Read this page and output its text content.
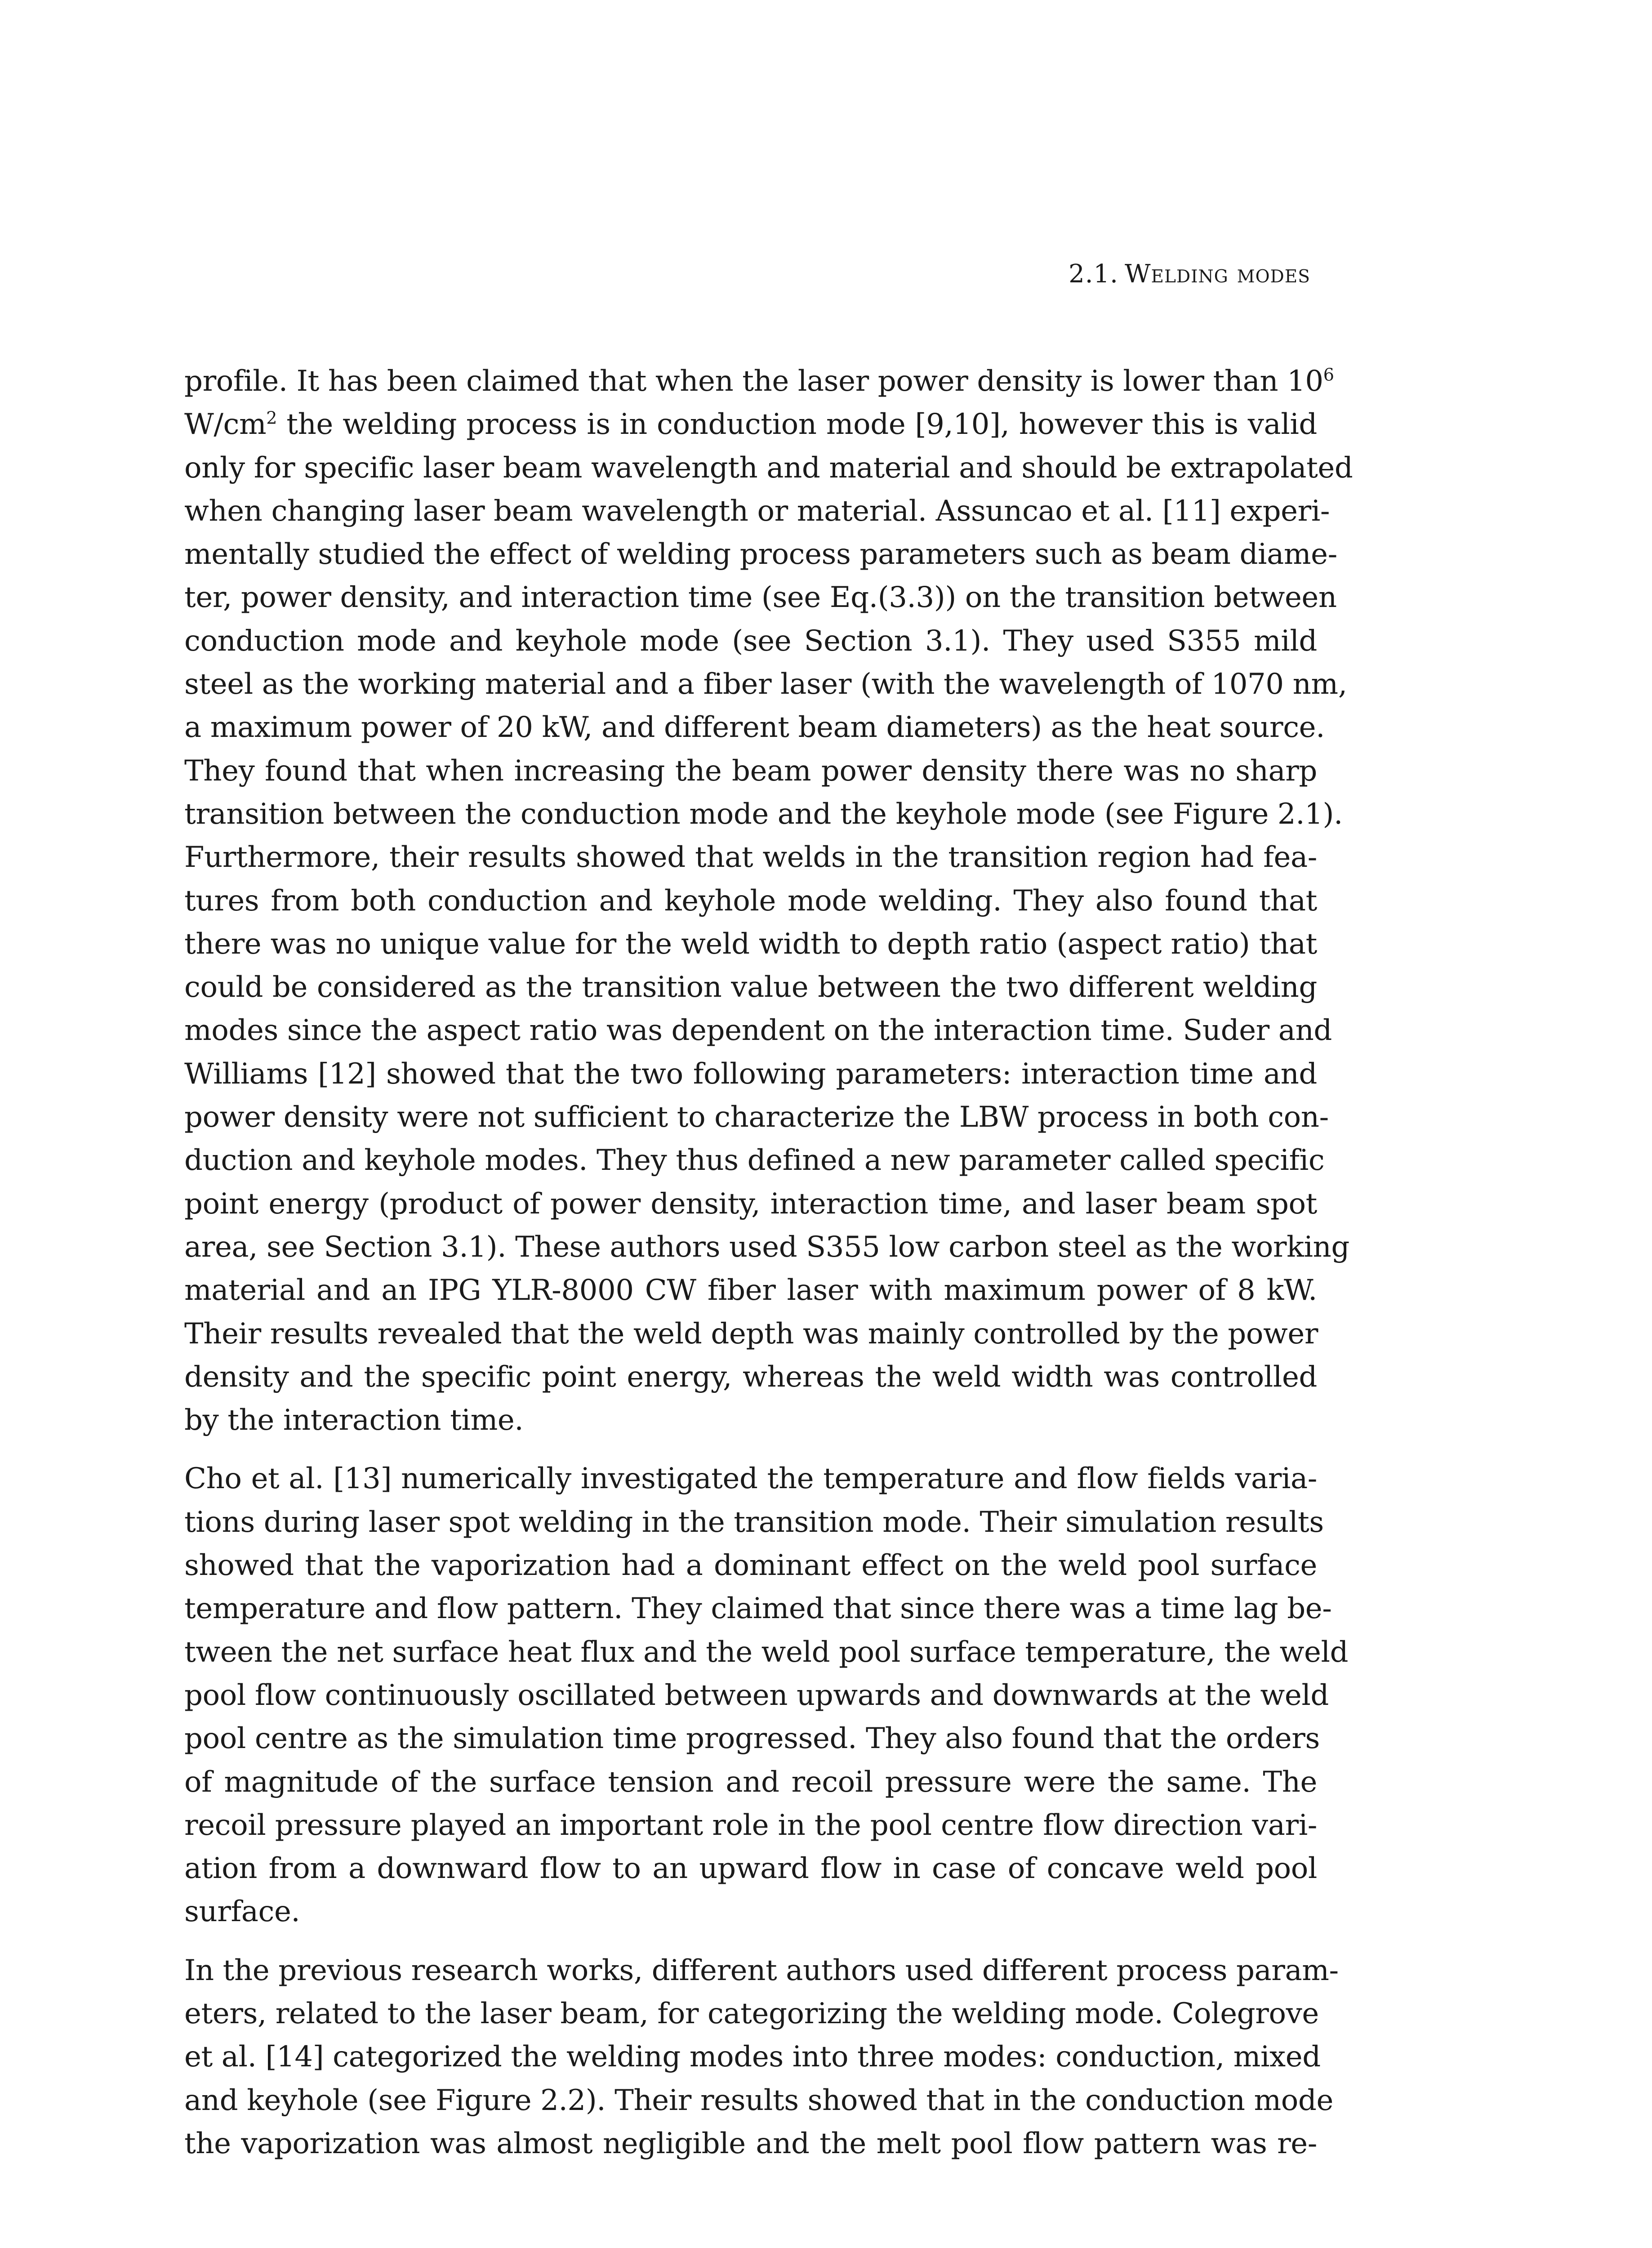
2.1. Welding modes

profile. It has been claimed that when the laser power density is lower than $10^6$
$W/cm^2$ the welding process is in conduction mode [9,10], however this is valid
only for specific laser beam wavelength and material and should be extrapolated
when changing laser beam wavelength or material. Assuncao et al. [11] experi-
mentally studied the effect of welding process parameters such as beam diame-
ter, power density, and interaction time (see Eq.(3.3)) on the transition between
conduction mode and keyhole mode (see Section 3.1). They used S355 mild
steel as the working material and a fiber laser (with the wavelength of 1070 nm,
a maximum power of 20 kW, and different beam diameters) as the heat source.
They found that when increasing the beam power density there was no sharp
transition between the conduction mode and the keyhole mode (see Figure 2.1).
Furthermore, their results showed that welds in the transition region had fea-
tures from both conduction and keyhole mode welding. They also found that
there was no unique value for the weld width to depth ratio (aspect ratio) that
could be considered as the transition value between the two different welding
modes since the aspect ratio was dependent on the interaction time. Suder and
Williams [12] showed that the two following parameters: interaction time and
power density were not sufficient to characterize the LBW process in both con-
duction and keyhole modes. They thus defined a new parameter called specific
point energy (product of power density, interaction time, and laser beam spot
area, see Section 3.1). These authors used S355 low carbon steel as the working
material and an IPG YLR-8000 CW fiber laser with maximum power of 8 kW.
Their results revealed that the weld depth was mainly controlled by the power
density and the specific point energy, whereas the weld width was controlled
by the interaction time.

Cho et al. [13] numerically investigated the temperature and flow fields varia-
tions during laser spot welding in the transition mode. Their simulation results
showed that the vaporization had a dominant effect on the weld pool surface
temperature and flow pattern. They claimed that since there was a time lag be-
tween the net surface heat flux and the weld pool surface temperature, the weld
pool flow continuously oscillated between upwards and downwards at the weld
pool centre as the simulation time progressed. They also found that the orders
of magnitude of the surface tension and recoil pressure were the same. The
recoil pressure played an important role in the pool centre flow direction vari-
ation from a downward flow to an upward flow in case of concave weld pool
surface.

In the previous research works, different authors used different process param-
eters, related to the laser beam, for categorizing the welding mode. Colegrove
et al. [14] categorized the welding modes into three modes: conduction, mixed
and keyhole (see Figure 2.2). Their results showed that in the conduction mode
the vaporization was almost negligible and the melt pool flow pattern was re-
